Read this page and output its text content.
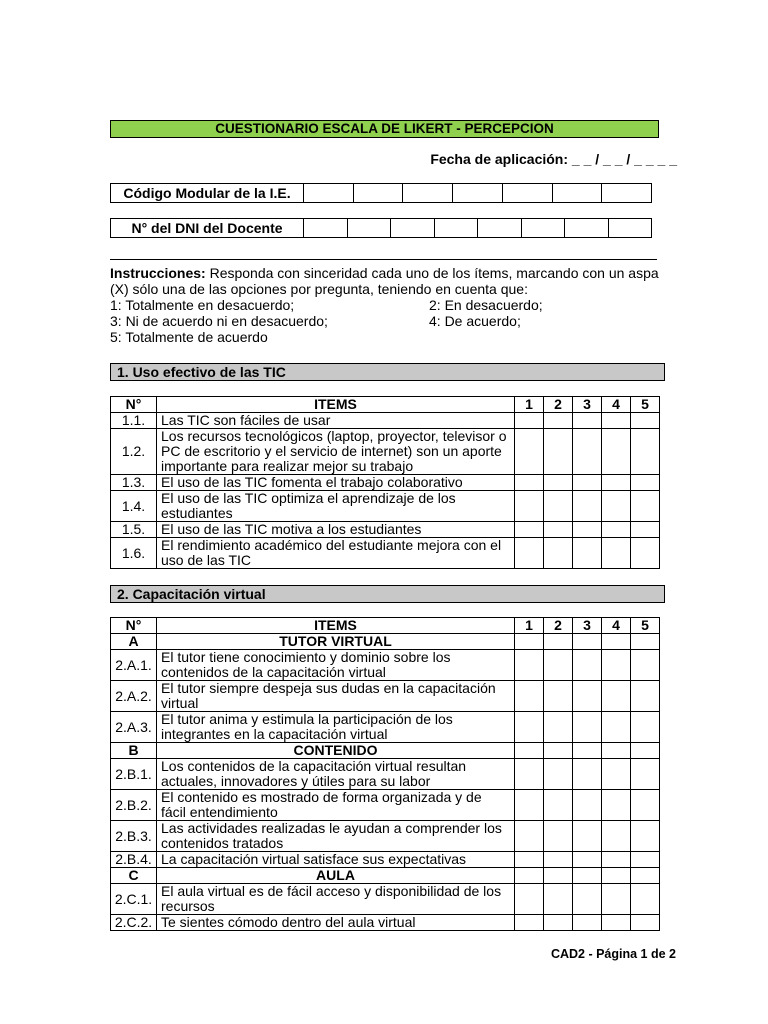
CUESTIONARIO ESCALA DE LIKERT - PERCEPCION
Fecha de aplicación: _ _ / _ _ / _ _ _ _
Código Modular de la I.E.							
N° del DNI del Docente								
Instrucciones: Responda con sinceridad cada uno de los ítems, marcando con un aspa (X) sólo una de las opciones por pregunta, teniendo en cuenta que:
1: Totalmente en desacuerdo;	2: En desacuerdo;
3: Ni de acuerdo ni en desacuerdo;	4: De acuerdo;
5: Totalmente de acuerdo
1. Uso efectivo de las TIC
N°	ITEMS	1	2	3	4	5
1.1.	Las TIC son fáciles de usar					
1.2.	Los recursos tecnológicos (laptop, proyector, televisor o PC de escritorio y el servicio de internet) son un aporte importante para realizar mejor su trabajo					
1.3.	El uso de las TIC fomenta el trabajo colaborativo					
1.4.	El uso de las TIC optimiza el aprendizaje de los estudiantes					
1.5.	El uso de las TIC motiva a los estudiantes					
1.6.	El rendimiento académico del estudiante mejora con el uso de las TIC					
2. Capacitación virtual
N°	ITEMS	1	2	3	4	5
A	TUTOR VIRTUAL					
2.A.1.	El tutor tiene conocimiento y dominio sobre los contenidos de la capacitación virtual					
2.A.2.	El tutor siempre despeja sus dudas en la capacitación virtual					
2.A.3.	El tutor anima y estimula la participación de los integrantes en la capacitación virtual					
B	CONTENIDO					
2.B.1.	Los contenidos de la capacitación virtual resultan actuales, innovadores y útiles para su labor					
2.B.2.	El contenido es mostrado de forma organizada y de fácil entendimiento					
2.B.3.	Las actividades realizadas le ayudan a comprender los contenidos tratados					
2.B.4.	La capacitación virtual satisface sus expectativas					
C	AULA					
2.C.1.	El aula virtual es de fácil acceso y disponibilidad de los recursos					
2.C.2.	Te sientes cómodo dentro del aula virtual					
CAD2 - Página 1 de 2
